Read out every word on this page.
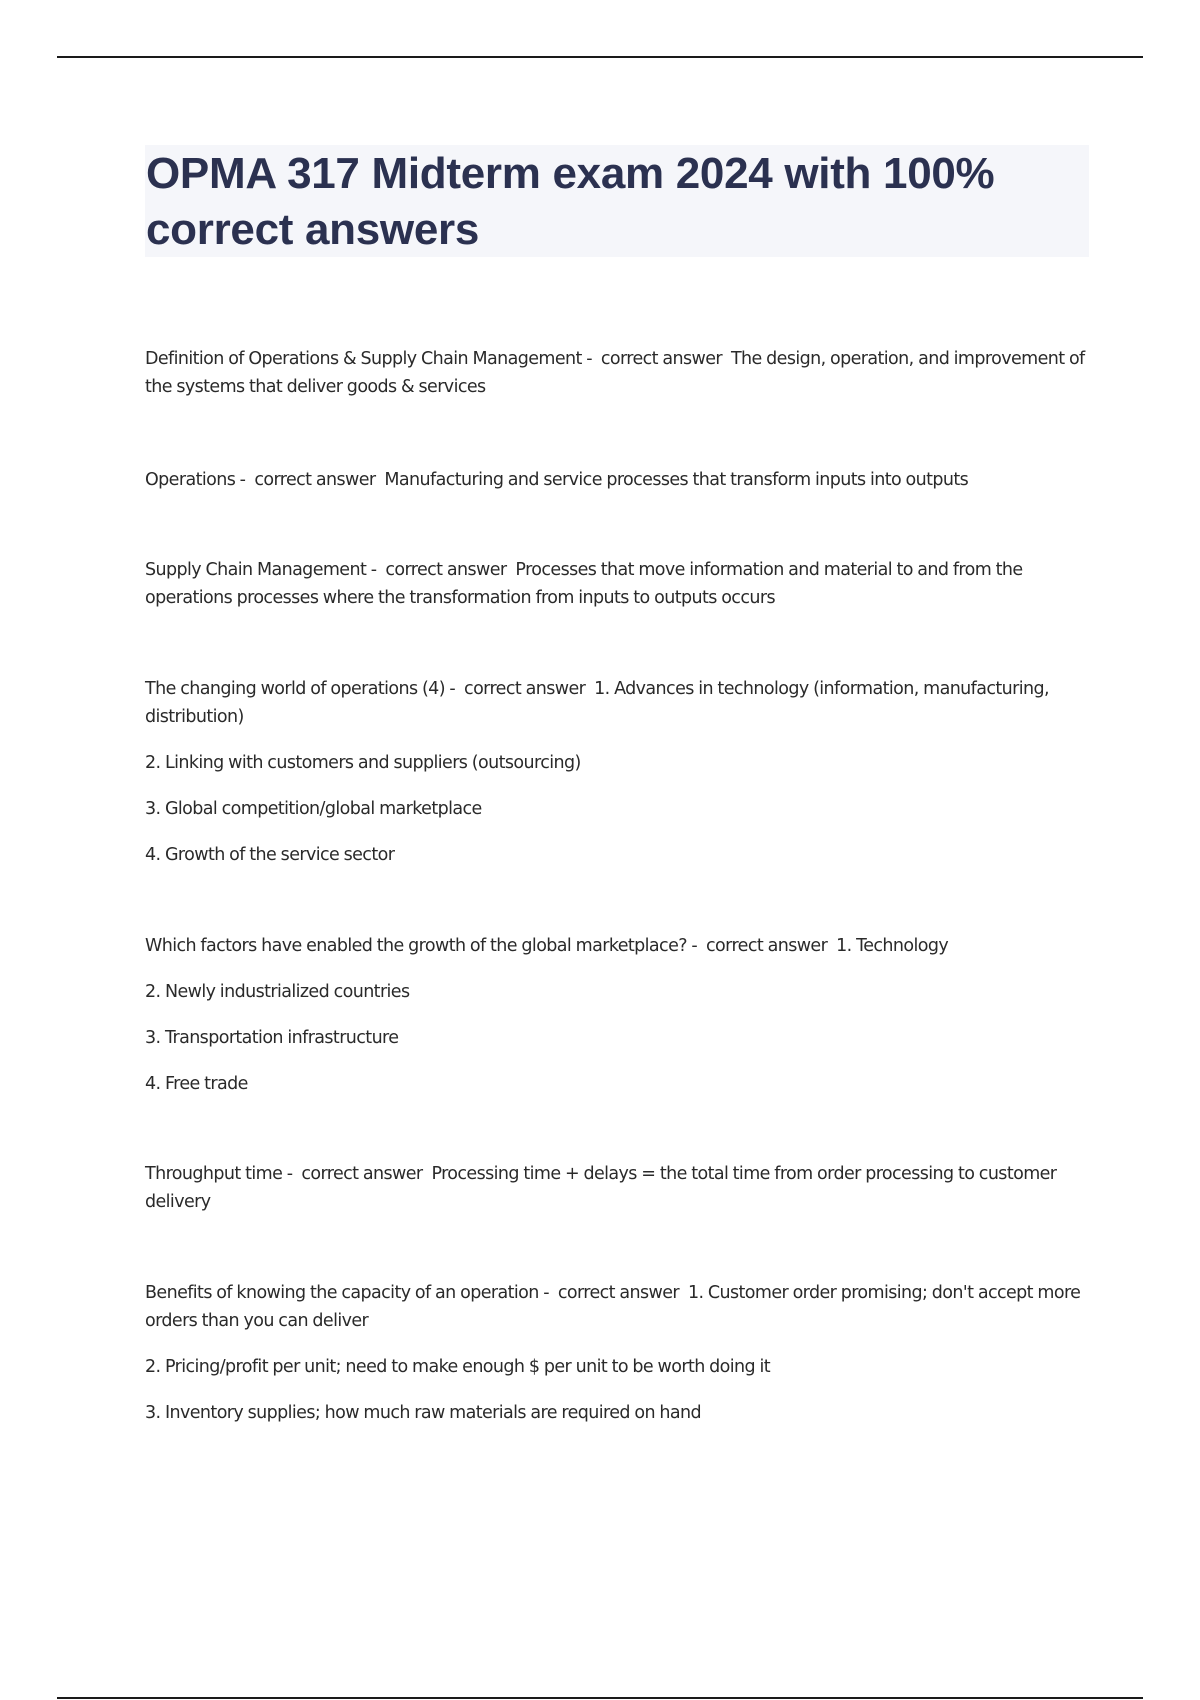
OPMA 317 Midterm exam 2024 with 100% correct answers

Definition of Operations & Supply Chain Management -  correct answer  The design, operation, and improvement of the systems that deliver goods & services

Operations -  correct answer  Manufacturing and service processes that transform inputs into outputs

Supply Chain Management -  correct answer  Processes that move information and material to and from the operations processes where the transformation from inputs to outputs occurs

The changing world of operations (4) -  correct answer  1. Advances in technology (information, manufacturing, distribution)

2. Linking with customers and suppliers (outsourcing)

3. Global competition/global marketplace

4. Growth of the service sector

Which factors have enabled the growth of the global marketplace? -  correct answer  1. Technology

2. Newly industrialized countries

3. Transportation infrastructure

4. Free trade

Throughput time -  correct answer  Processing time + delays = the total time from order processing to customer delivery

Benefits of knowing the capacity of an operation -  correct answer  1. Customer order promising; don't accept more orders than you can deliver

2. Pricing/profit per unit; need to make enough $ per unit to be worth doing it

3. Inventory supplies; how much raw materials are required on hand
